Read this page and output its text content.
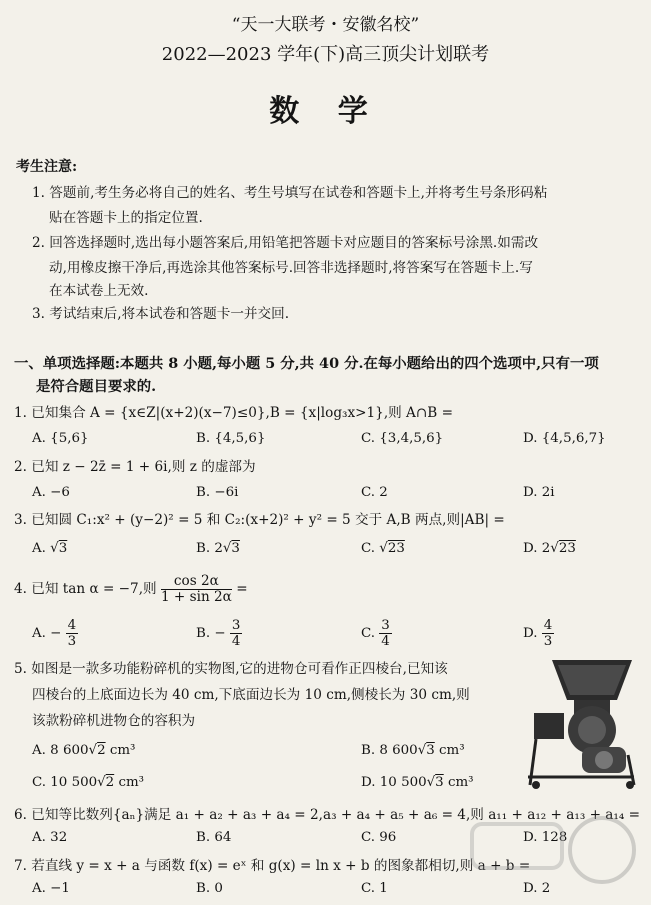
“天一大联考・安徽名校”
2022—2023 学年(下)高三顶尖计划联考
数 学
考生注意:
1. 答题前,考生务必将自己的姓名、考生号填写在试卷和答题卡上,并将考生号条形码粘
贴在答题卡上的指定位置.
2. 回答选择题时,选出每小题答案后,用铅笔把答题卡对应题目的答案标号涂黑.如需改
动,用橡皮擦干净后,再选涂其他答案标号.回答非选择题时,将答案写在答题卡上.写
在本试卷上无效.
3. 考试结束后,将本试卷和答题卡一并交回.
一、单项选择题:本题共 8 小题,每小题 5 分,共 40 分.在每小题给出的四个选项中,只有一项
是符合题目要求的.
1. 已知集合 A = {x∈Z|(x+2)(x−7)≤0},B = {x|log₃x>1},则 A∩B =
A. {5,6}	B. {4,5,6}	C. {3,4,5,6}	D. {4,5,6,7}
2. 已知 z − 2z̄ = 1 + 6i,则 z 的虚部为
A. −6	B. −6i	C. 2	D. 2i
3. 已知圆 C₁:x² + (y−2)² = 5 和 C₂:(x+2)² + y² = 5 交于 A,B 两点,则|AB| =
A. √3	B. 2√3	C. √23	D. 2√23
4. 已知 tan α = −7,则 $\frac{\cos 2\alpha}{1 + \sin 2\alpha}$ =
A. − $\frac{4}{3}$	B. − $\frac{3}{4}$	C. $\frac{3}{4}$	D. $\frac{4}{3}$
5. 如图是一款多功能粉碎机的实物图,它的进物仓可看作正四棱台,已知该
四棱台的上底面边长为 40 cm,下底面边长为 10 cm,侧棱长为 30 cm,则
该款粉碎机进物仓的容积为
A. 8 600√2 cm³	B. 8 600√3 cm³
C. 10 500√2 cm³	D. 10 500√3 cm³
6. 已知等比数列{aₙ}满足 a₁ + a₂ + a₃ + a₄ = 2,a₃ + a₄ + a₅ + a₆ = 4,则 a₁₁ + a₁₂ + a₁₃ + a₁₄ =
A. 32	B. 64	C. 96	D. 128
7. 若直线 y = x + a 与函数 f(x) = eˣ 和 g(x) = ln x + b 的图象都相切,则 a + b =
A. −1	B. 0	C. 1	D. 2
